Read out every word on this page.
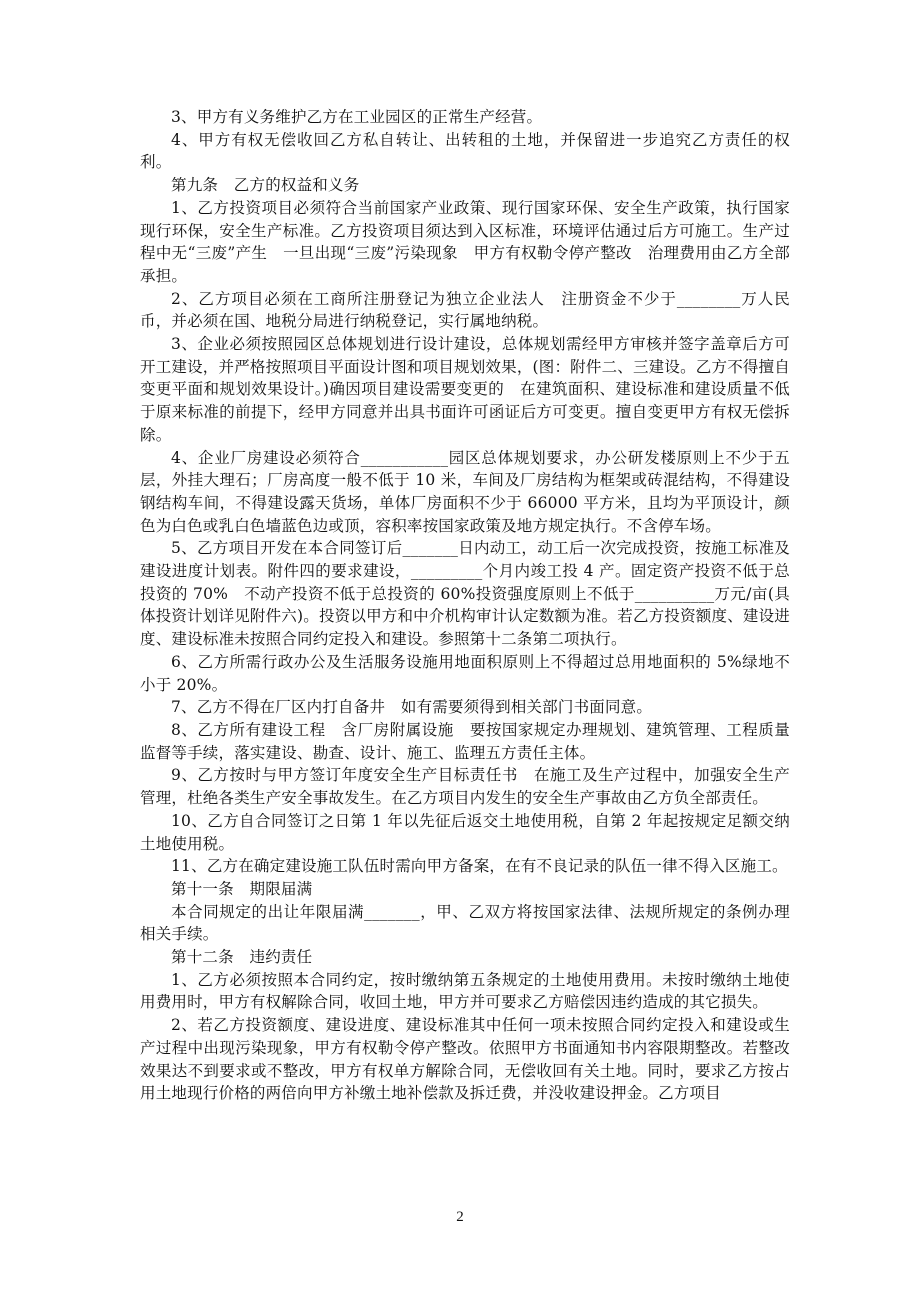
3、甲方有义务维护乙方在工业园区的正常生产经营。

4、甲方有权无偿收回乙方私自转让、出转租的土地，并保留进一步追究乙方责任的权利。

第九条　乙方的权益和义务

1、乙方投资项目必须符合当前国家产业政策、现行国家环保、安全生产政策，执行国家现行环保，安全生产标准。乙方投资项目须达到入区标准，环境评估通过后方可施工。生产过程中无“三废”产生　一旦出现“三废”污染现象　甲方有权勒令停产整改　治理费用由乙方全部承担。

2、乙方项目必须在工商所注册登记为独立企业法人　注册资金不少于________万人民币，并必须在国、地税分局进行纳税登记，实行属地纳税。

3、企业必须按照园区总体规划进行设计建设，总体规划需经甲方审核并签字盖章后方可开工建设，并严格按照项目平面设计图和项目规划效果，(图：附件二、三建设。乙方不得擅自变更平面和规划效果设计。)确因项目建设需要变更的　在建筑面积、建设标准和建设质量不低于原来标准的前提下，经甲方同意并出具书面许可函证后方可变更。擅自变更甲方有权无偿拆除。

4、企业厂房建设必须符合___________园区总体规划要求，办公研发楼原则上不少于五层，外挂大理石；厂房高度一般不低于 10 米，车间及厂房结构为框架或砖混结构，不得建设钢结构车间，不得建设露天货场，单体厂房面积不少于 66000 平方米，且均为平顶设计，颜色为白色或乳白色墙蓝色边或顶，容积率按国家政策及地方规定执行。不含停车场。

5、乙方项目开发在本合同签订后_______日内动工，动工后一次完成投资，按施工标准及建设进度计划表。附件四的要求建设，_________个月内竣工投 4 产。固定资产投资不低于总投资的 70%　不动产投资不低于总投资的 60%投资强度原则上不低于__________万元/亩(具体投资计划详见附件六)。投资以甲方和中介机构审计认定数额为准。若乙方投资额度、建设进度、建设标准未按照合同约定投入和建设。参照第十二条第二项执行。

6、乙方所需行政办公及生活服务设施用地面积原则上不得超过总用地面积的 5%绿地不小于 20%。

7、乙方不得在厂区内打自备井　如有需要须得到相关部门书面同意。

8、乙方所有建设工程　含厂房附属设施　要按国家规定办理规划、建筑管理、工程质量监督等手续，落实建设、勘查、设计、施工、监理五方责任主体。

9、乙方按时与甲方签订年度安全生产目标责任书　在施工及生产过程中，加强安全生产管理，杜绝各类生产安全事故发生。在乙方项目内发生的安全生产事故由乙方负全部责任。

10、乙方自合同签订之日第 1 年以先征后返交土地使用税，自第 2 年起按规定足额交纳土地使用税。

11、乙方在确定建设施工队伍时需向甲方备案，在有不良记录的队伍一律不得入区施工。

第十一条　期限届满

本合同规定的出让年限届满_______，甲、乙双方将按国家法律、法规所规定的条例办理相关手续。

第十二条　违约责任

1、乙方必须按照本合同约定，按时缴纳第五条规定的土地使用费用。未按时缴纳土地使用费用时，甲方有权解除合同，收回土地，甲方并可要求乙方赔偿因违约造成的其它损失。

2、若乙方投资额度、建设进度、建设标准其中任何一项未按照合同约定投入和建设或生产过程中出现污染现象，甲方有权勒令停产整改。依照甲方书面通知书内容限期整改。若整改效果达不到要求或不整改，甲方有权单方解除合同，无偿收回有关土地。同时，要求乙方按占用土地现行价格的两倍向甲方补缴土地补偿款及拆迁费，并没收建设押金。乙方项目

2
